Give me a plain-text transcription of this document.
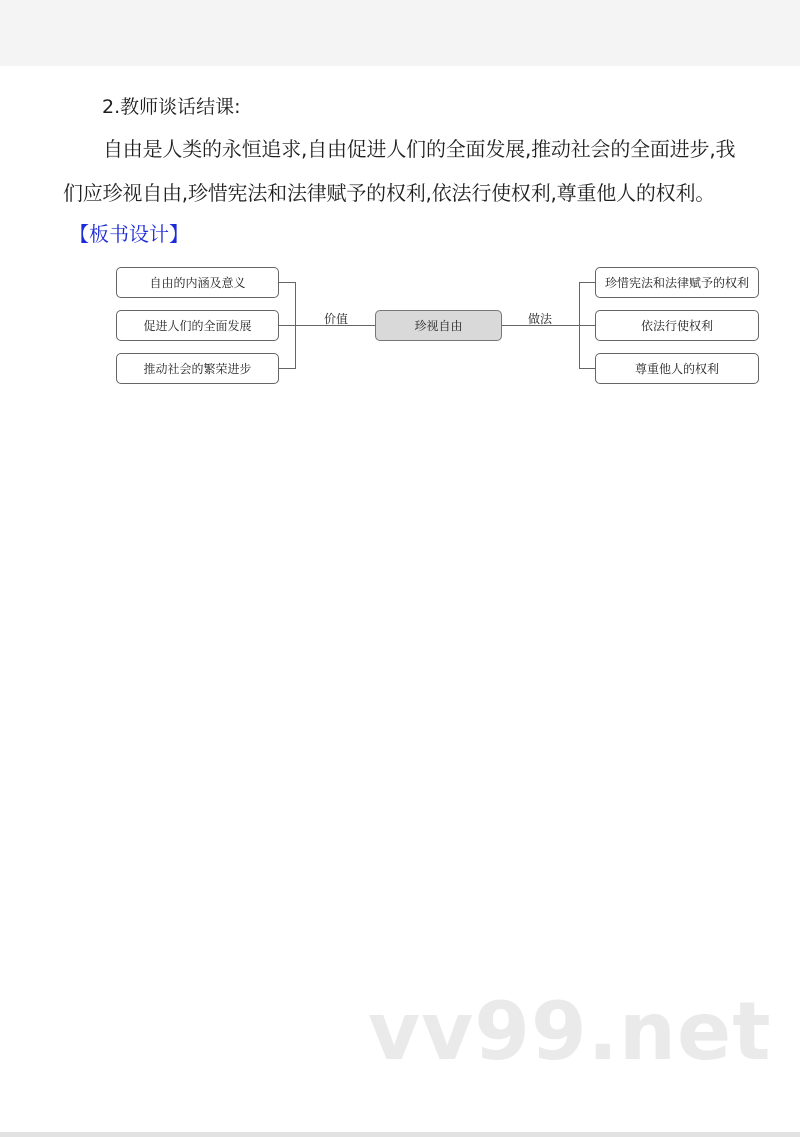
2.教师谈话结课:
自由是人类的永恒追求,自由促进人们的全面发展,推动社会的全面进步,我
们应珍视自由,珍惜宪法和法律赋予的权利,依法行使权利,尊重他人的权利。
【板书设计】
自由的内涵及意义
促进人们的全面发展
推动社会的繁荣进步
价值	珍视自由	做法
珍惜宪法和法律赋予的权利
依法行使权利
尊重他人的权利
vv99.net
